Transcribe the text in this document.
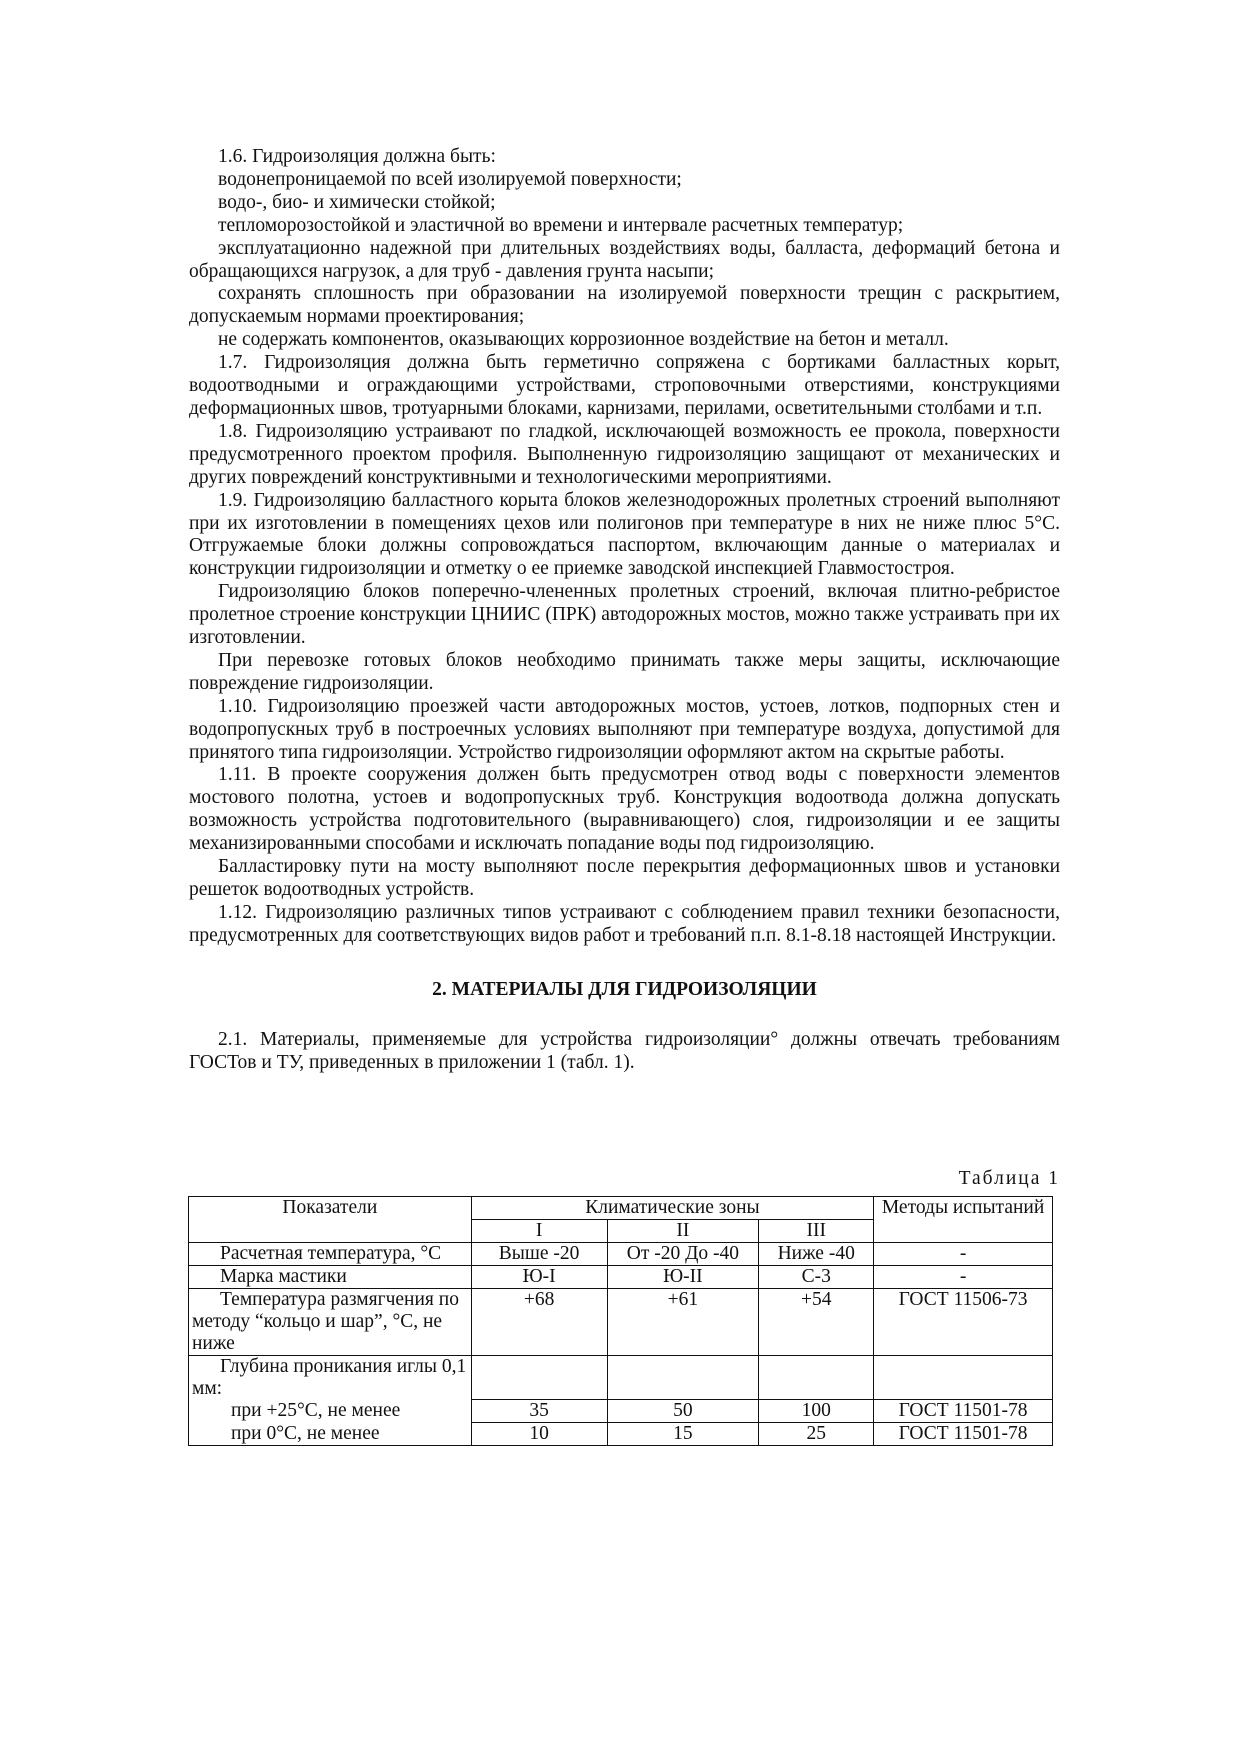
1.6. Гидроизоляция должна быть:

водонепроницаемой по всей изолируемой поверхности;

водо-, био- и химически стойкой;

тепломорозостойкой и эластичной во времени и интервале расчетных температур;

эксплуатационно надежной при длительных воздействиях воды, балласта, деформаций бетона и обращающихся нагрузок, а для труб - давления грунта насыпи;

сохранять сплошность при образовании на изолируемой поверхности трещин с раскрытием, допускаемым нормами проектирования;

не содержать компонентов, оказывающих коррозионное воздействие на бетон и металл.

1.7. Гидроизоляция должна быть герметично сопряжена с бортиками балластных корыт, водоотводными и ограждающими устройствами, строповочными отверстиями, конструкциями деформационных швов, тротуарными блоками, карнизами, перилами, осветительными столбами и т.п.

1.8. Гидроизоляцию устраивают по гладкой, исключающей возможность ее прокола, поверхности предусмотренного проектом профиля. Выполненную гидроизоляцию защищают от механических и других повреждений конструктивными и технологическими мероприятиями.

1.9. Гидроизоляцию балластного корыта блоков железнодорожных пролетных строений выполняют при их изготовлении в помещениях цехов или полигонов при температуре в них не ниже плюс 5°С. Отгружаемые блоки должны сопровождаться паспортом, включающим данные о материалах и конструкции гидроизоляции и отметку о ее приемке заводской инспекцией Главмостостроя.

Гидроизоляцию блоков поперечно-члененных пролетных строений, включая плитно-ребристое пролетное строение конструкции ЦНИИС (ПРК) автодорожных мостов, можно также устраивать при их изготовлении.

При перевозке готовых блоков необходимо принимать также меры защиты, исключающие повреждение гидроизоляции.

1.10. Гидроизоляцию проезжей части автодорожных мостов, устоев, лотков, подпорных стен и водопропускных труб в построечных условиях выполняют при температуре воздуха, допустимой для принятого типа гидроизоляции. Устройство гидроизоляции оформляют актом на скрытые работы.

1.11. В проекте сооружения должен быть предусмотрен отвод воды с поверхности элементов мостового полотна, устоев и водопропускных труб. Конструкция водоотвода должна допускать возможность устройства подготовительного (выравнивающего) слоя, гидроизоляции и ее защиты механизированными способами и исключать попадание воды под гидроизоляцию.

Балластировку пути на мосту выполняют после перекрытия деформационных швов и установки решеток водоотводных устройств.

1.12. Гидроизоляцию различных типов устраивают с соблюдением правил техники безопасности, предусмотренных для соответствующих видов работ и требований п.п. 8.1-8.18 настоящей Инструкции.

2. МАТЕРИАЛЫ ДЛЯ ГИДРОИЗОЛЯЦИИ

2.1. Материалы, применяемые для устройства гидроизоляции° должны отвечать требованиям ГОСТов и ТУ, приведенных в приложении 1 (табл. 1).

Таблица 1
Показатели	Климатические зоны			Методы испытаний
	I	II	III	
Расчетная температура, °С	Выше -20	От -20 До -40	Ниже -40	-
Марка мастики	Ю-I	Ю-II	С-3	-
Температура размягчения по методу “кольцо и шар”, °С, не ниже	+68	+61	+54	ГОСТ 11506-73
Глубина проникания иглы 0,1 мм:				
при +25°С, не менее	35	50	100	ГОСТ 11501-78
при 0°С, не менее	10	15	25	ГОСТ 11501-78
